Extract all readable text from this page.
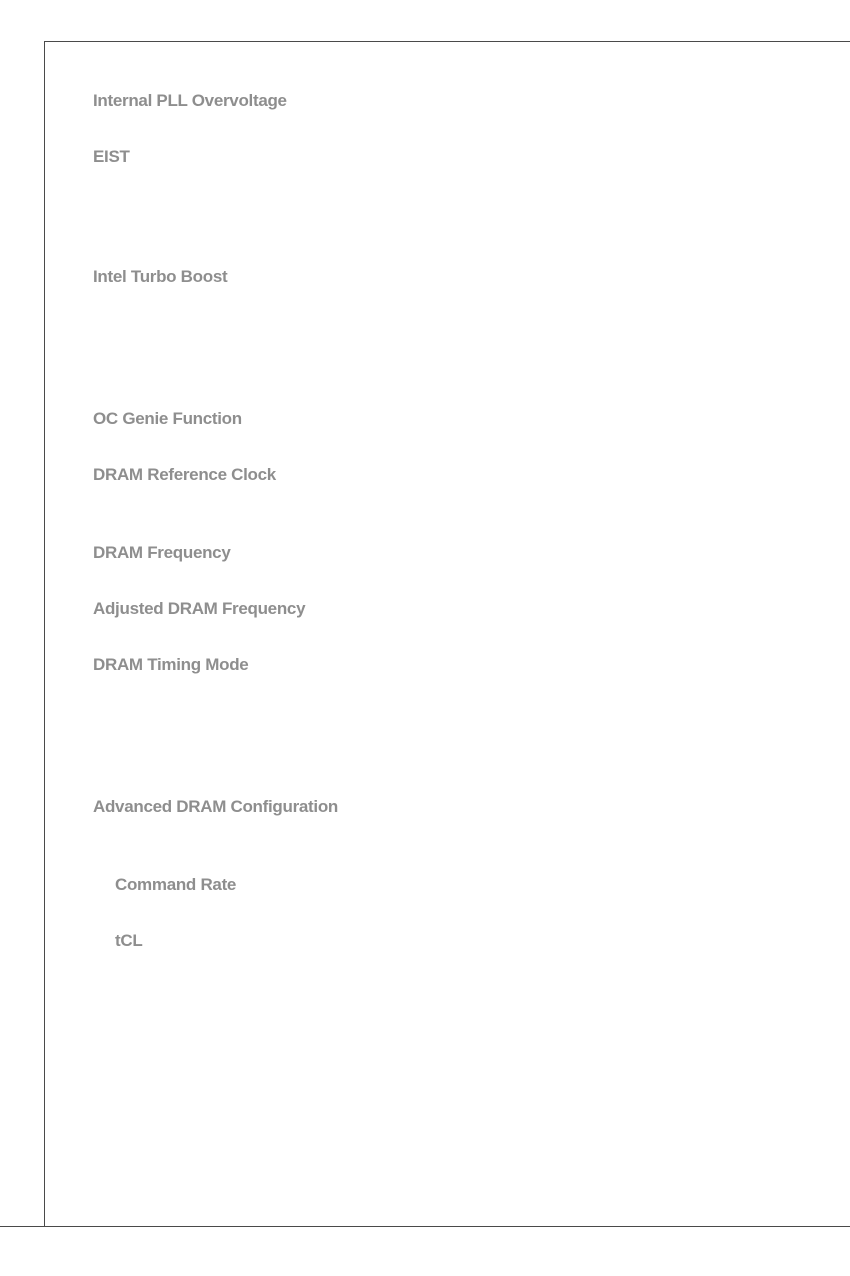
Internal PLL Overvoltage
EIST
Intel Turbo Boost
OC Genie Function
DRAM Reference Clock
DRAM Frequency
Adjusted DRAM Frequency
DRAM Timing Mode
Advanced DRAM Configuration
Command Rate
tCL
